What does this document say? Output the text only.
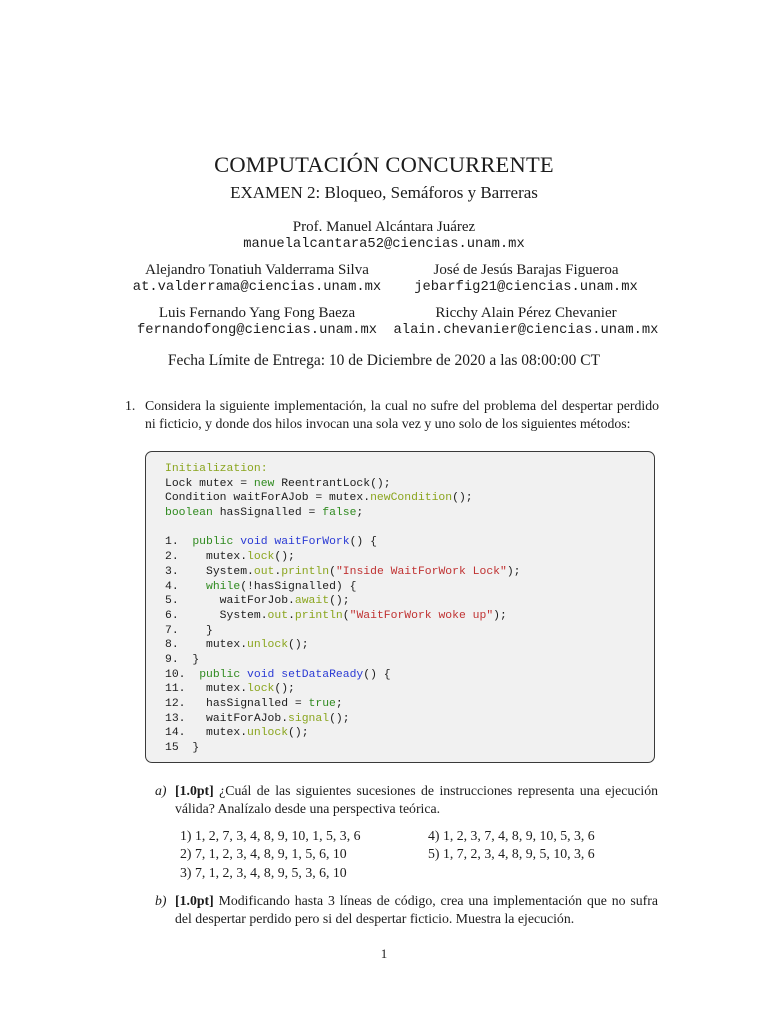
COMPUTACIÓN CONCURRENTE
EXAMEN 2: Bloqueo, Semáforos y Barreras
Prof. Manuel Alcántara Juárez
manuelalcantara52@ciencias.unam.mx
Alejandro Tonatiuh Valderrama Silva
at.valderrama@ciencias.unam.mx
José de Jesús Barajas Figueroa
jebarfig21@ciencias.unam.mx
Luis Fernando Yang Fong Baeza
fernandofong@ciencias.unam.mx
Ricchy Alain Pérez Chevanier
alain.chevanier@ciencias.unam.mx
Fecha Límite de Entrega: 10 de Diciembre de 2020 a las 08:00:00 CT
1. Considera la siguiente implementación, la cual no sufre del problema del despertar perdido ni ficticio, y donde dos hilos invocan una sola vez y uno solo de los siguientes métodos:
Initialization:
Lock mutex = new ReentrantLock();
Condition waitForAJob = mutex.newCondition();
boolean hasSignalled = false;

1.  public void waitForWork() {
2.    mutex.lock();
3.    System.out.println("Inside WaitForWork Lock");
4.    while(!hasSignalled) {
5.      waitForJob.await();
6.      System.out.println("WaitForWork woke up");
7.    }
8.    mutex.unlock();
9.  }
10.  public void setDataReady() {
11.   mutex.lock();
12.   hasSignalled = true;
13.   waitForAJob.signal();
14.   mutex.unlock();
15  }
a) [1.0pt] ¿Cuál de las siguientes sucesiones de instrucciones representa una ejecución válida? Analízalo desde una perspectiva teórica.
1) 1, 2, 7, 3, 4, 8, 9, 10, 1, 5, 3, 6
2) 7, 1, 2, 3, 4, 8, 9, 1, 5, 6, 10
3) 7, 1, 2, 3, 4, 8, 9, 5, 3, 6, 10
4) 1, 2, 3, 7, 4, 8, 9, 10, 5, 3, 6
5) 1, 7, 2, 3, 4, 8, 9, 5, 10, 3, 6
b) [1.0pt] Modificando hasta 3 líneas de código, crea una implementación que no sufra del despertar perdido pero si del despertar ficticio. Muestra la ejecución.
1
